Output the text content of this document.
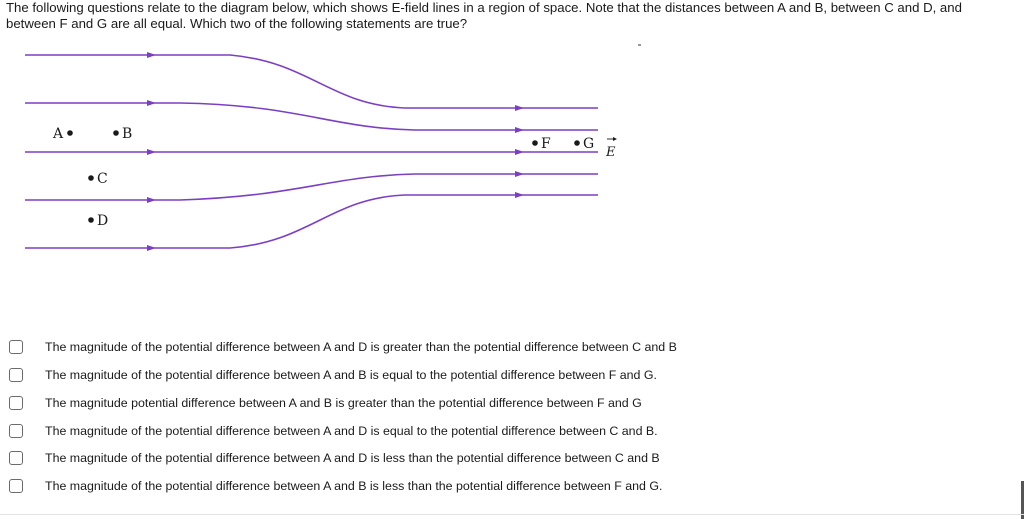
The following questions relate to the diagram below, which shows E-field lines in a region of space. Note that the distances between A and B, between C and D, and between F and G are all equal. Which two of the following statements are true?

A	B
C
D
F G
E
The magnitude of the potential difference between A and D is greater than the potential difference between C and B
The magnitude of the potential difference between A and B is equal to the potential difference between F and G.
The magnitude potential difference between A and B is greater than the potential difference between F and G
The magnitude of the potential difference between A and D is equal to the potential difference between C and B.
The magnitude of the potential difference between A and D is less than the potential difference between C and B
The magnitude of the potential difference between A and B is less than the potential difference between F and G.
